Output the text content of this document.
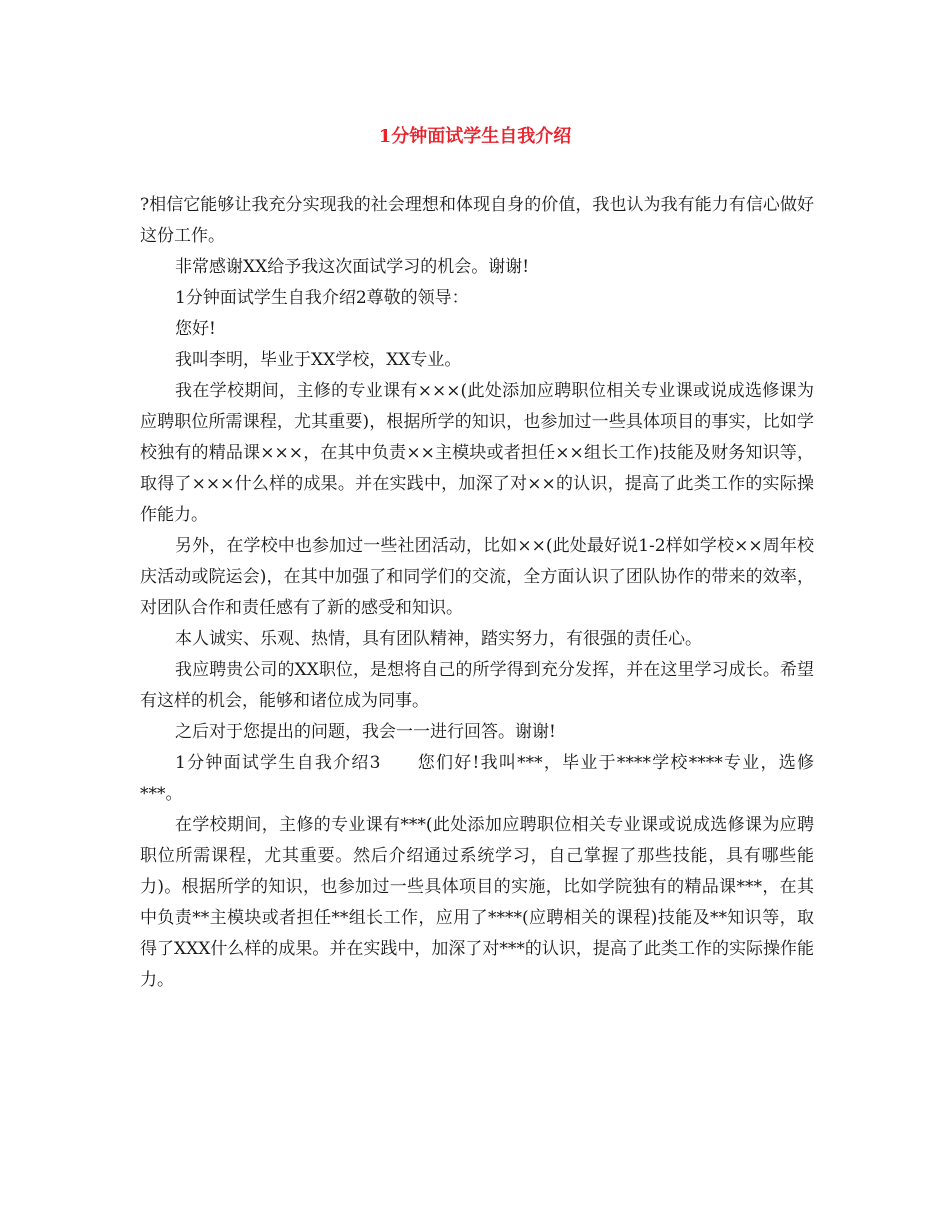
1分钟面试学生自我介绍

?相信它能够让我充分实现我的社会理想和体现自身的价值，我也认为我有能力有信心做好这份工作。

非常感谢XX给予我这次面试学习的机会。谢谢!

1分钟面试学生自我介绍2尊敬的领导：

您好!

我叫李明，毕业于XX学校，XX专业。

我在学校期间，主修的专业课有×××(此处添加应聘职位相关专业课或说成选修课为应聘职位所需课程，尤其重要)，根据所学的知识，也参加过一些具体项目的事实，比如学校独有的精品课×××，在其中负责××主模块或者担任××组长工作)技能及财务知识等，取得了×××什么样的成果。并在实践中，加深了对××的认识，提高了此类工作的实际操作能力。

另外，在学校中也参加过一些社团活动，比如××(此处最好说1-2样如学校××周年校庆活动或院运会)，在其中加强了和同学们的交流，全方面认识了团队协作的带来的效率，对团队合作和责任感有了新的感受和知识。

本人诚实、乐观、热情，具有团队精神，踏实努力，有很强的责任心。

我应聘贵公司的XX职位，是想将自己的所学得到充分发挥，并在这里学习成长。希望有这样的机会，能够和诸位成为同事。

之后对于您提出的问题，我会一一进行回答。谢谢!

1分钟面试学生自我介绍3 您们好!我叫***，毕业于****学校****专业，选修***。

在学校期间，主修的专业课有***(此处添加应聘职位相关专业课或说成选修课为应聘职位所需课程，尤其重要。然后介绍通过系统学习，自己掌握了那些技能，具有哪些能力)。根据所学的知识，也参加过一些具体项目的实施，比如学院独有的精品课***，在其中负责**主模块或者担任**组长工作，应用了****(应聘相关的课程)技能及**知识等，取得了XXX什么样的成果。并在实践中，加深了对***的认识，提高了此类工作的实际操作能力。
